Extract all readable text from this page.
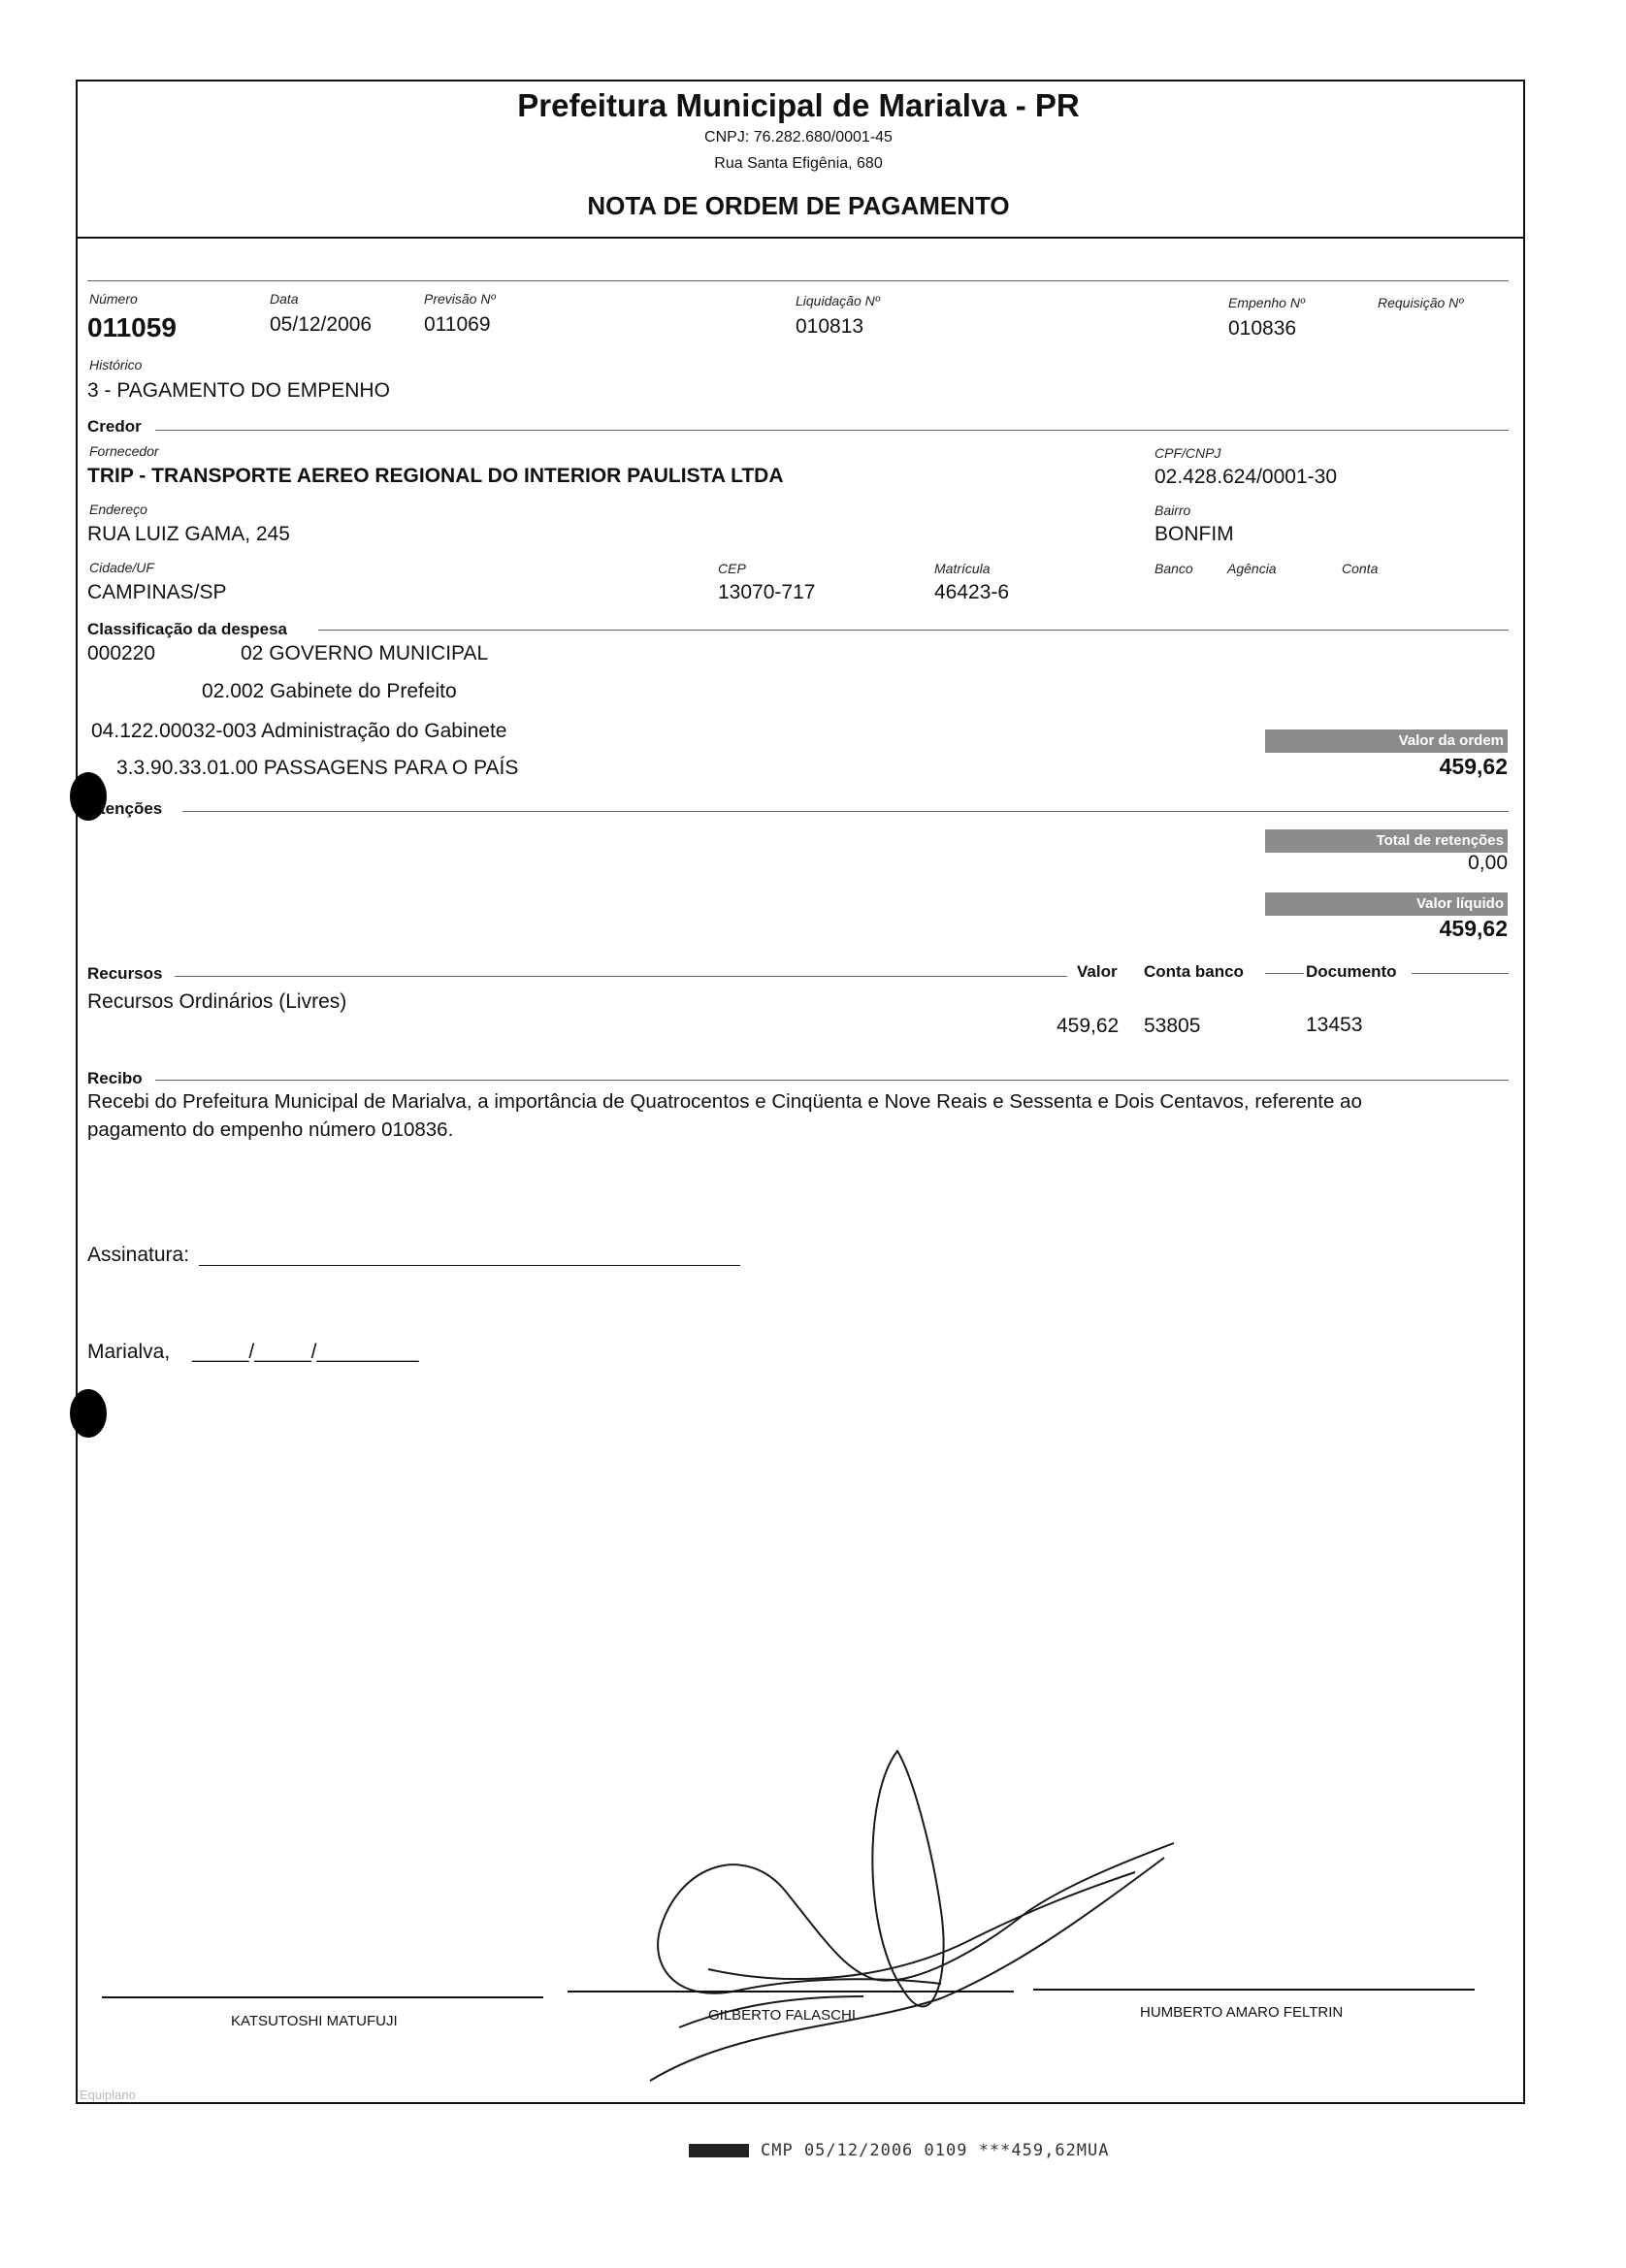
Prefeitura Municipal de Marialva - PR
CNPJ: 76.282.680/0001-45
Rua Santa Efigênia, 680
NOTA DE ORDEM DE PAGAMENTO
Número
011059
Data
05/12/2006
Previsão Nº
011069
Liquidação Nº
010813
Empenho Nº
010836
Requisição Nº
Histórico
3 - PAGAMENTO DO EMPENHO
Credor
Fornecedor
TRIP - TRANSPORTE AEREO REGIONAL DO INTERIOR PAULISTA LTDA
CPF/CNPJ
02.428.624/0001-30
Endereço
RUA LUIZ GAMA, 245
Bairro
BONFIM
Cidade/UF
CAMPINAS/SP
CEP
13070-717
Matrícula
46423-6
Banco	Agência	Conta
Classificação da despesa
000220	02 GOVERNO MUNICIPAL
02.002 Gabinete do Prefeito
04.122.00032-003 Administração do Gabinete
3.3.90.33.01.00 PASSAGENS PARA O PAÍS
Valor da ordem
459,62
tenções
Total de retenções
0,00
Valor líquido
459,62
Recursos	Valor Conta banco	Documento
Recursos Ordinários (Livres)
459,62 53805	13453
Recibo
Recebi do Prefeitura Municipal de Marialva, a importância de Quatrocentos e Cinqüenta e Nove Reais e Sessenta e Dois Centavos, referente ao
pagamento do empenho número 010836.
Assinatura:
Marialva, _____/_____/_________
KATSUTOSHI MATUFUJI	GILBERTO FALASCHI	HUMBERTO AMARO FELTRIN
Equiplano
CMP 05/12/2006 0109 ***459,62MUA
